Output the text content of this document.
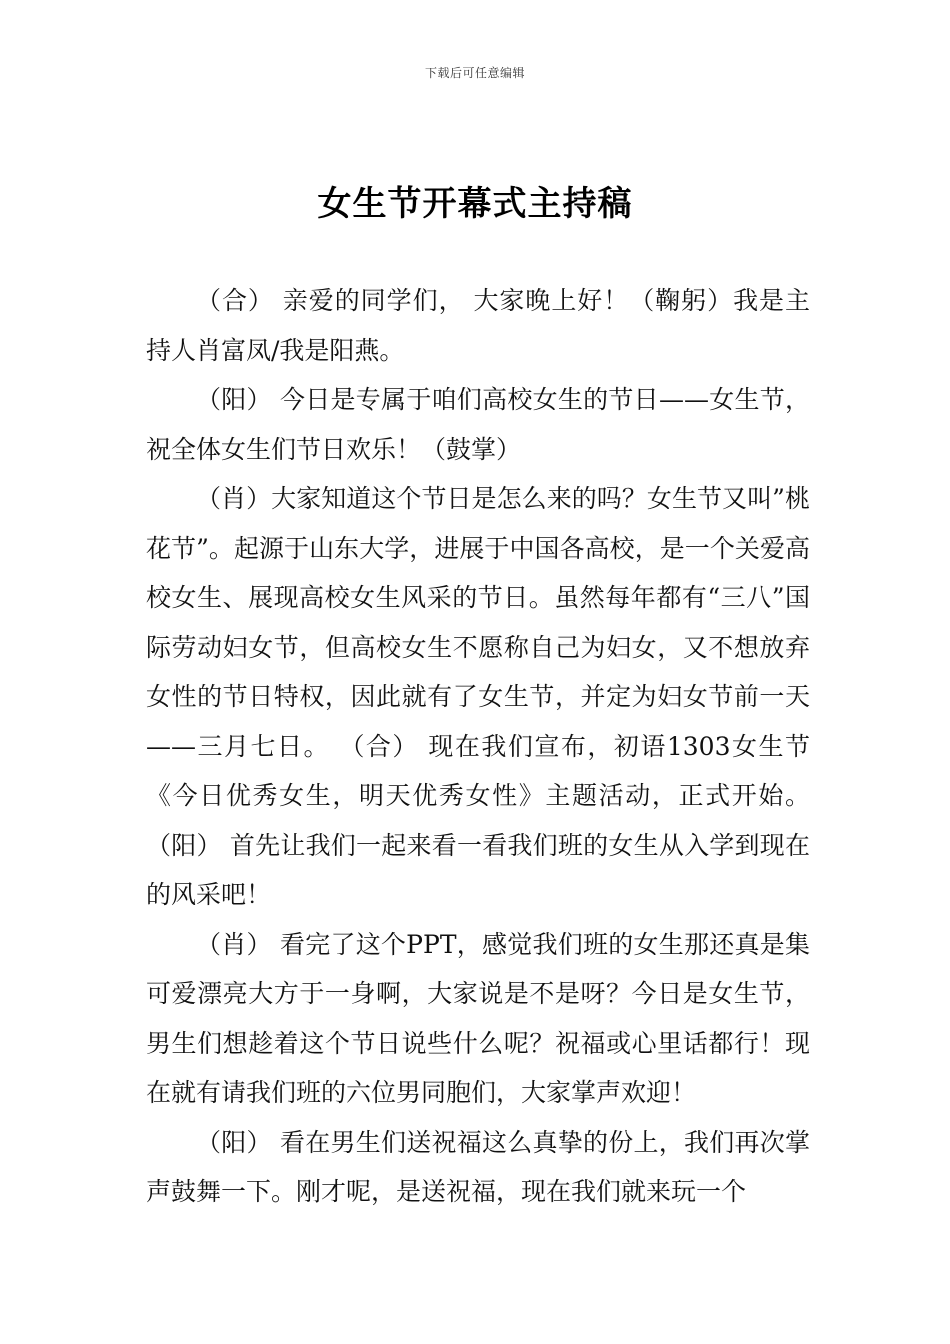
下载后可任意编辑
女生节开幕式主持稿

（合） 亲爱的同学们， 大家晚上好！（鞠躬）我是主持人肖富凤/我是阳燕。

（阳） 今日是专属于咱们高校女生的节日——女生节，祝全体女生们节日欢乐！（鼓掌）

（肖）大家知道这个节日是怎么来的吗？女生节又叫”桃花节”。起源于山东大学，进展于中国各高校，是一个关爱高校女生、展现高校女生风采的节日。虽然每年都有“三八”国际劳动妇女节，但高校女生不愿称自己为妇女，又不想放弃女性的节日特权，因此就有了女生节，并定为妇女节前一天——三月七日。 （合） 现在我们宣布，初语1303女生节《今日优秀女生，明天优秀女性》主题活动，正式开始。 （阳） 首先让我们一起来看一看我们班的女生从入学到现在的风采吧！

（肖） 看完了这个PPT，感觉我们班的女生那还真是集可爱漂亮大方于一身啊，大家说是不是呀？今日是女生节，男生们想趁着这个节日说些什么呢？祝福或心里话都行！现在就有请我们班的六位男同胞们，大家掌声欢迎！

（阳） 看在男生们送祝福这么真挚的份上，我们再次掌声鼓舞一下。刚才呢，是送祝福，现在我们就来玩一个
